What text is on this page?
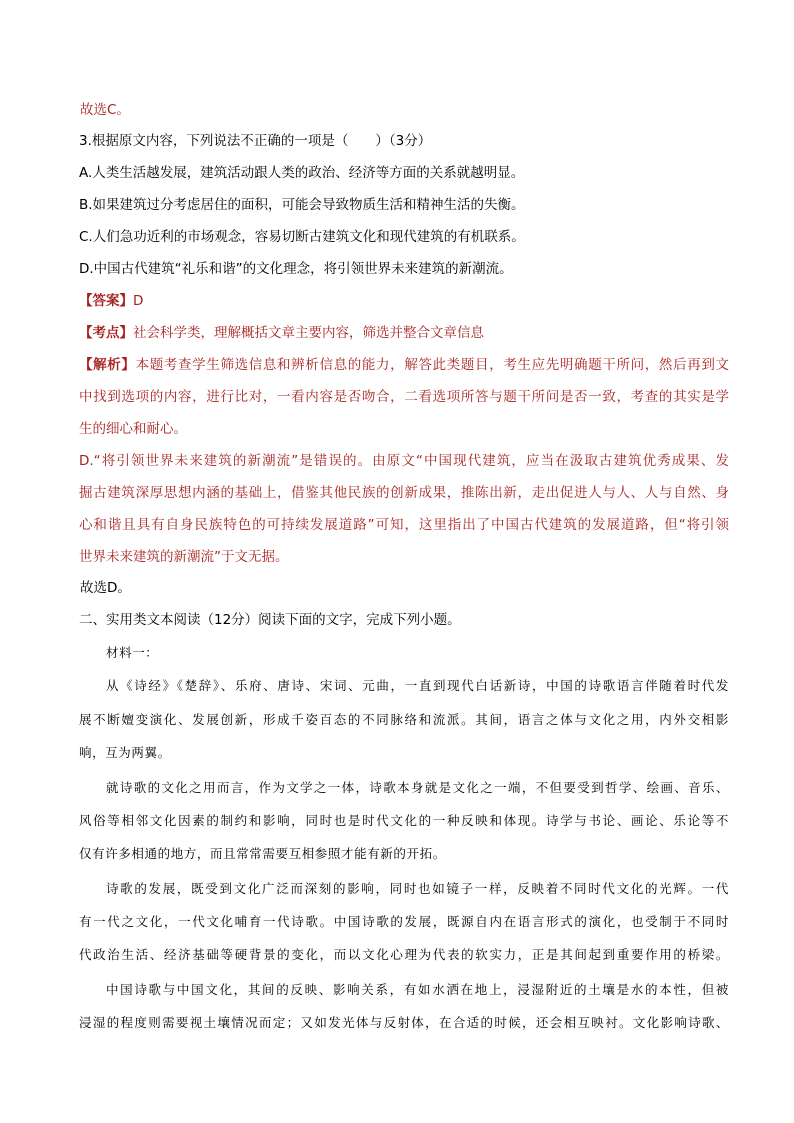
故选C。

3.根据原文内容，下列说法不正确的一项是（　　）（3分）

A.人类生活越发展，建筑活动跟人类的政治、经济等方面的关系就越明显。

B.如果建筑过分考虑居住的面积，可能会导致物质生活和精神生活的失衡。

C.人们急功近利的市场观念，容易切断古建筑文化和现代建筑的有机联系。

D.中国古代建筑“礼乐和谐”的文化理念，将引领世界未来建筑的新潮流。

【答案】D

【考点】社会科学类，理解概括文章主要内容，筛选并整合文章信息

【解析】本题考查学生筛选信息和辨析信息的能力，解答此类题目，考生应先明确题干所问，然后再到文

中找到选项的内容，进行比对，一看内容是否吻合，二看选项所答与题干所问是否一致，考查的其实是学

生的细心和耐心。

D.“将引领世界未来建筑的新潮流”是错误的。由原文“中国现代建筑，应当在汲取古建筑优秀成果、发

掘古建筑深厚思想内涵的基础上，借鉴其他民族的创新成果，推陈出新，走出促进人与人、人与自然、身

心和谐且具有自身民族特色的可持续发展道路”可知，这里指出了中国古代建筑的发展道路，但“将引领

世界未来建筑的新潮流”于文无据。

故选D。

二、实用类文本阅读（12分）阅读下面的文字，完成下列小题。

材料一：

从《诗经》《楚辞》、乐府、唐诗、宋词、元曲，一直到现代白话新诗，中国的诗歌语言伴随着时代发

展不断嬗变演化、发展创新，形成千姿百态的不同脉络和流派。其间，语言之体与文化之用，内外交相影

响，互为两翼。

就诗歌的文化之用而言，作为文学之一体，诗歌本身就是文化之一端，不但要受到哲学、绘画、音乐、

风俗等相邻文化因素的制约和影响，同时也是时代文化的一种反映和体现。诗学与书论、画论、乐论等不

仅有许多相通的地方，而且常常需要互相参照才能有新的开拓。

诗歌的发展，既受到文化广泛而深刻的影响，同时也如镜子一样，反映着不同时代文化的光辉。一代

有一代之文化，一代文化哺育一代诗歌。中国诗歌的发展，既源自内在语言形式的演化，也受制于不同时

代政治生活、经济基础等硬背景的变化，而以文化心理为代表的软实力，正是其间起到重要作用的桥梁。

中国诗歌与中国文化，其间的反映、影响关系，有如水洒在地上，浸湿附近的土壤是水的本性，但被

浸湿的程度则需要视土壤情况而定；又如发光体与反射体，在合适的时候，还会相互映衬。文化影响诗歌、
